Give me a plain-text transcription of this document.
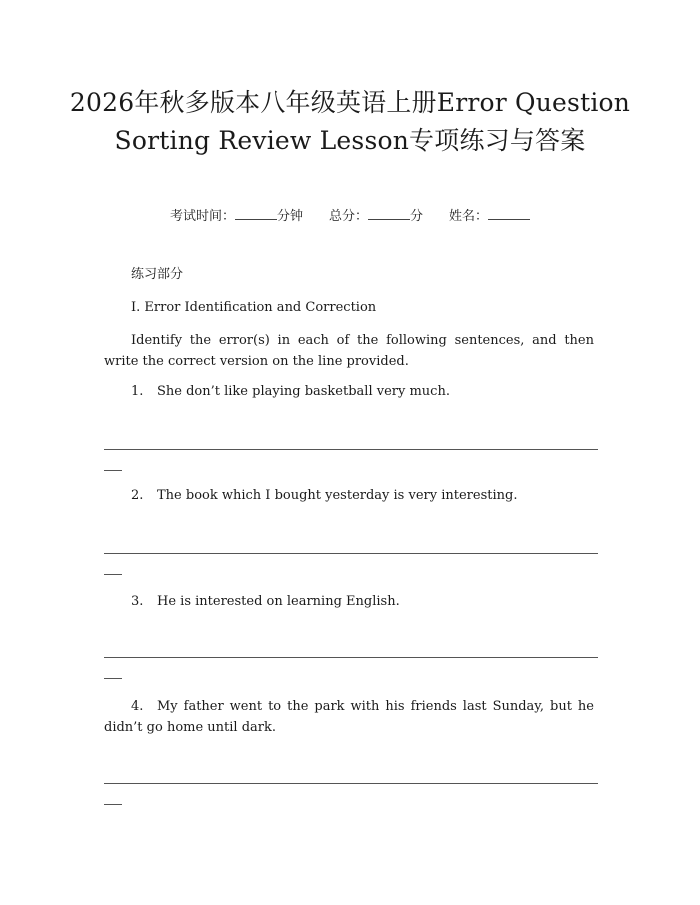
2026年秋多版本八年级英语上册Error Question Sorting Review Lesson专项练习与答案
考试时间：	分钟 总分：	分 姓名：
练习部分
I. Error Identification and Correction

Identify the error(s) in each of the following sentences, and then write the correct version on the line provided.

1. She don’t like playing basketball very much.
2. The book which I bought yesterday is very interesting.
3. He is interested on learning English.

4. My father went to the park with his friends last Sunday, but he didn’t go home until dark.
